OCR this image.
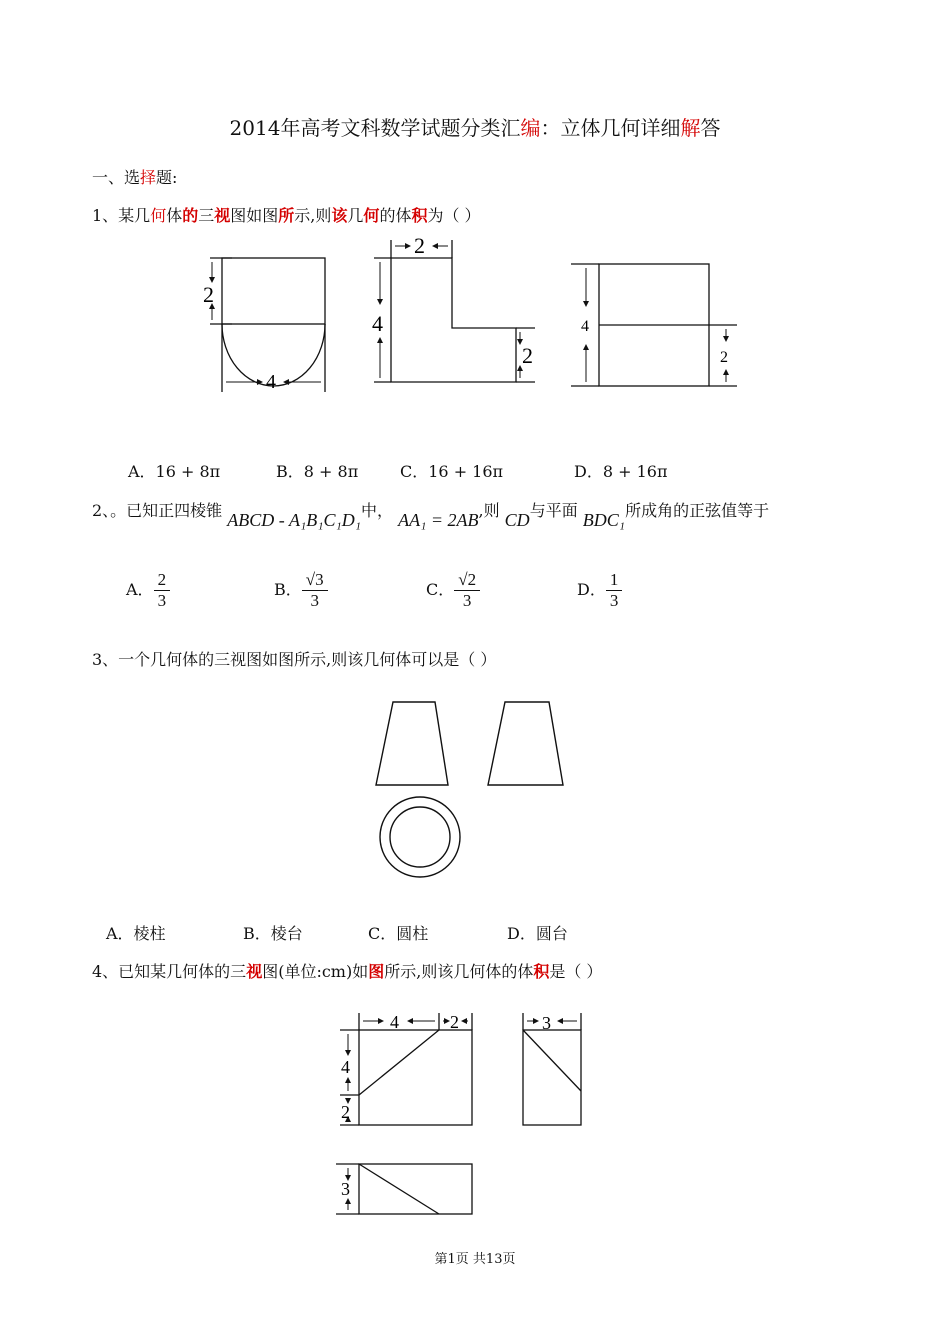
2014年高考文科数学试题分类汇编：立体几何详细解答
一、选择题:
1、某几何体的三视图如图所示,则该几何的体积为（ ）
2
4
2
4
2
4
2
A．16 + 8π	B．8 + 8π	C．16 + 16π	D．8 + 16π
2、。已知正四棱锥 ABCD - A₁B₁C₁D₁中， AA₁ = 2AB,则 CD与平面 BDC₁所成角的正弦值等于
A． $\frac{2}{3}$	B． $\frac{√3}{3}$	C． $\frac{√2}{3}$	D． $\frac{1}{3}$
3、一个几何体的三视图如图所示,则该几何体可以是（ ）
A．棱柱	B．棱台	C．圆柱	D．圆台
4、已知某几何体的三视图(单位:cm)如图所示,则该几何体的体积是（ ）
4	2
4
2
3
3
第1页 共13页
